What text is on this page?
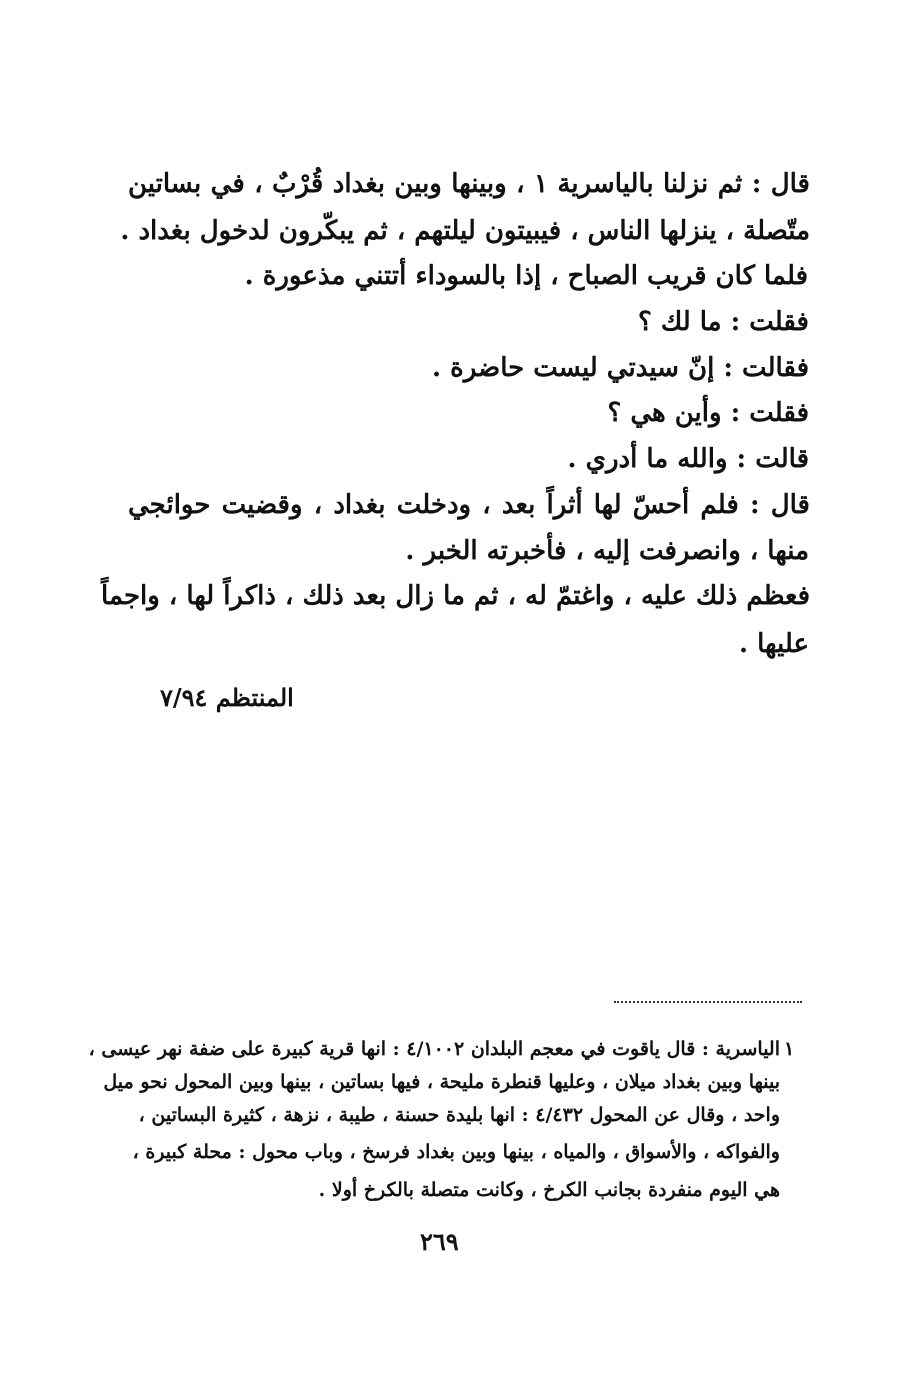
قال : ثم نزلنا بالياسرية ١ ، وبينها وبين بغداد قُرْبٌ ، في بساتين
متّصلة ، ينزلها الناس ، فيبيتون ليلتهم ، ثم يبكّرون لدخول بغداد .
فلما كان قريب الصباح ، إذا بالسوداء أتتني مذعورة .
فقلت : ما لك ؟
فقالت : إنّ سيدتي ليست حاضرة .
فقلت : وأين هي ؟
قالت : والله ما أدري .
قال : فلم أحسّ لها أثراً بعد ، ودخلت بغداد ، وقضيت حوائجي
منها ، وانصرفت إليه ، فأخبرته الخبر .
فعظم ذلك عليه ، واغتمّ له ، ثم ما زال بعد ذلك ، ذاكراً لها ، واجماً
عليها .
المنتظم ٧/٩٤
١
الياسرية : قال ياقوت في معجم البلدان ٤/١٠٠٢ : انها قرية كبيرة على ضفة نهر عيسى ،
بينها وبين بغداد ميلان ، وعليها قنطرة مليحة ، فيها بساتين ، بينها وبين المحول نحو ميل
واحد ، وقال عن المحول ٤/٤٣٢ : انها بليدة حسنة ، طيبة ، نزهة ، كثيرة البساتين ،
والفواكه ، والأسواق ، والمياه ، بينها وبين بغداد فرسخ ، وباب محول : محلة كبيرة ،
هي اليوم منفردة بجانب الكرخ ، وكانت متصلة بالكرخ أولا .
٢٦٩
